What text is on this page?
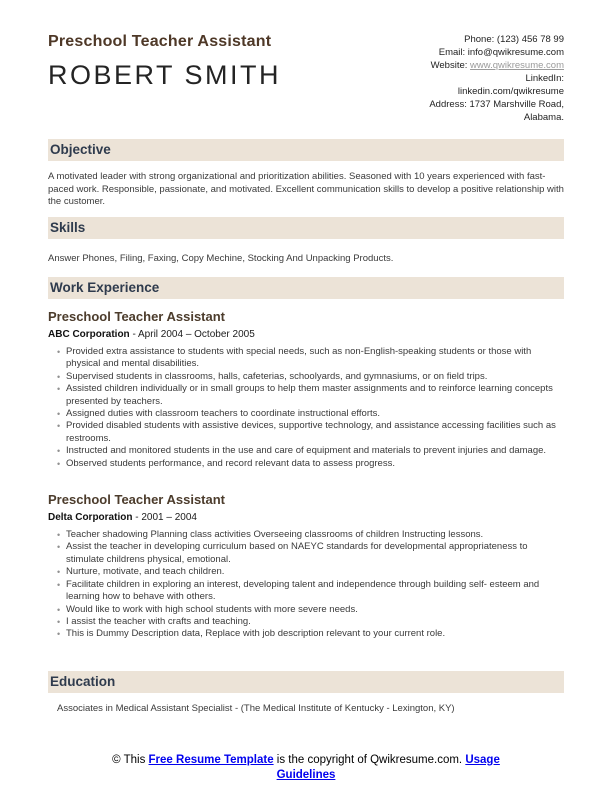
Preschool Teacher Assistant
ROBERT SMITH
Phone: (123) 456 78 99
Email: info@qwikresume.com
Website: www.qwikresume.com
LinkedIn:
linkedin.com/qwikresume
Address: 1737 Marshville Road,
Alabama.
Objective
A motivated leader with strong organizational and prioritization abilities. Seasoned with 10 years experienced with fast-paced work. Responsible, passionate, and motivated. Excellent communication skills to develop a positive relationship with the customer.
Skills
Answer Phones, Filing, Faxing, Copy Mechine, Stocking And Unpacking Products.
Work Experience
Preschool Teacher Assistant
ABC Corporation - April 2004 – October 2005
• Provided extra assistance to students with special needs, such as non-English-speaking students or those with physical and mental disabilities.
• Supervised students in classrooms, halls, cafeterias, schoolyards, and gymnasiums, or on field trips.
• Assisted children individually or in small groups to help them master assignments and to reinforce learning concepts presented by teachers.
• Assigned duties with classroom teachers to coordinate instructional efforts.
• Provided disabled students with assistive devices, supportive technology, and assistance accessing facilities such as restrooms.
• Instructed and monitored students in the use and care of equipment and materials to prevent injuries and damage.
• Observed students performance, and record relevant data to assess progress.
Preschool Teacher Assistant
Delta Corporation - 2001 – 2004
• Teacher shadowing Planning class activities Overseeing classrooms of children Instructing lessons.
• Assist the teacher in developing curriculum based on NAEYC standards for developmental appropriateness to stimulate childrens physical, emotional.
• Nurture, motivate, and teach children.
• Facilitate children in exploring an interest, developing talent and independence through building self- esteem and learning how to behave with others.
• Would like to work with high school students with more severe needs.
• I assist the teacher with crafts and teaching.
• This is Dummy Description data, Replace with job description relevant to your current role.
Education
Associates in Medical Assistant Specialist - (The Medical Institute of Kentucky - Lexington, KY)
© This Free Resume Template is the copyright of Qwikresume.com. Usage Guidelines
